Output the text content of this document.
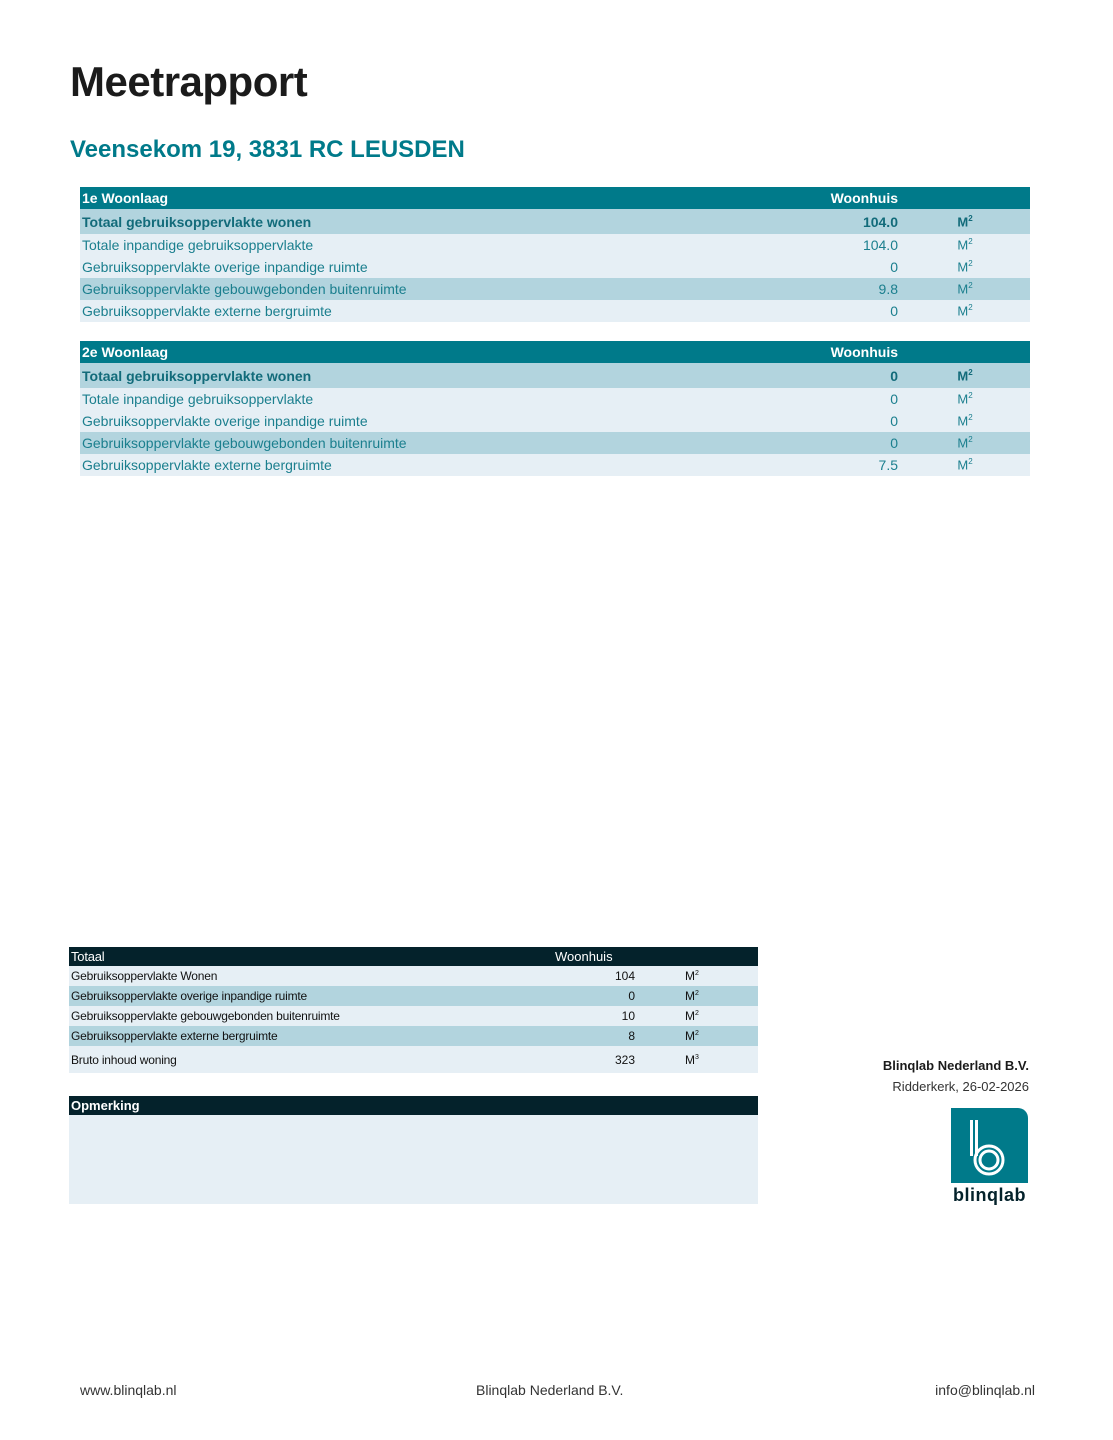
Meetrapport
Veensekom 19, 3831 RC LEUSDEN
1e Woonlaag	Woonhuis
Totaal gebruiksoppervlakte wonen	104.0	$M^2$
Totale inpandige gebruiksoppervlakte	104.0	$M^2$
Gebruiksoppervlakte overige inpandige ruimte	0	$M^2$
Gebruiksoppervlakte gebouwgebonden buitenruimte	9.8	$M^2$
Gebruiksoppervlakte externe bergruimte	0	$M^2$
2e Woonlaag	Woonhuis
Totaal gebruiksoppervlakte wonen	0	$M^2$
Totale inpandige gebruiksoppervlakte	0	$M^2$
Gebruiksoppervlakte overige inpandige ruimte	0	$M^2$
Gebruiksoppervlakte gebouwgebonden buitenruimte	0	$M^2$
Gebruiksoppervlakte externe bergruimte	7.5	$M^2$
Totaal	Woonhuis
Gebruiksoppervlakte Wonen	104	$M^2$
Gebruiksoppervlakte overige inpandige ruimte	0	$M^2$
Gebruiksoppervlakte gebouwgebonden buitenruimte	10	$M^2$
Gebruiksoppervlakte externe bergruimte	8	$M^2$
Bruto inhoud woning	323	$M^3$
Opmerking
Blinqlab Nederland B.V.
Ridderkerk, 26-02-2026
blinqlab
www.blinqlab.nl	Blinqlab Nederland B.V.	info@blinqlab.nl
